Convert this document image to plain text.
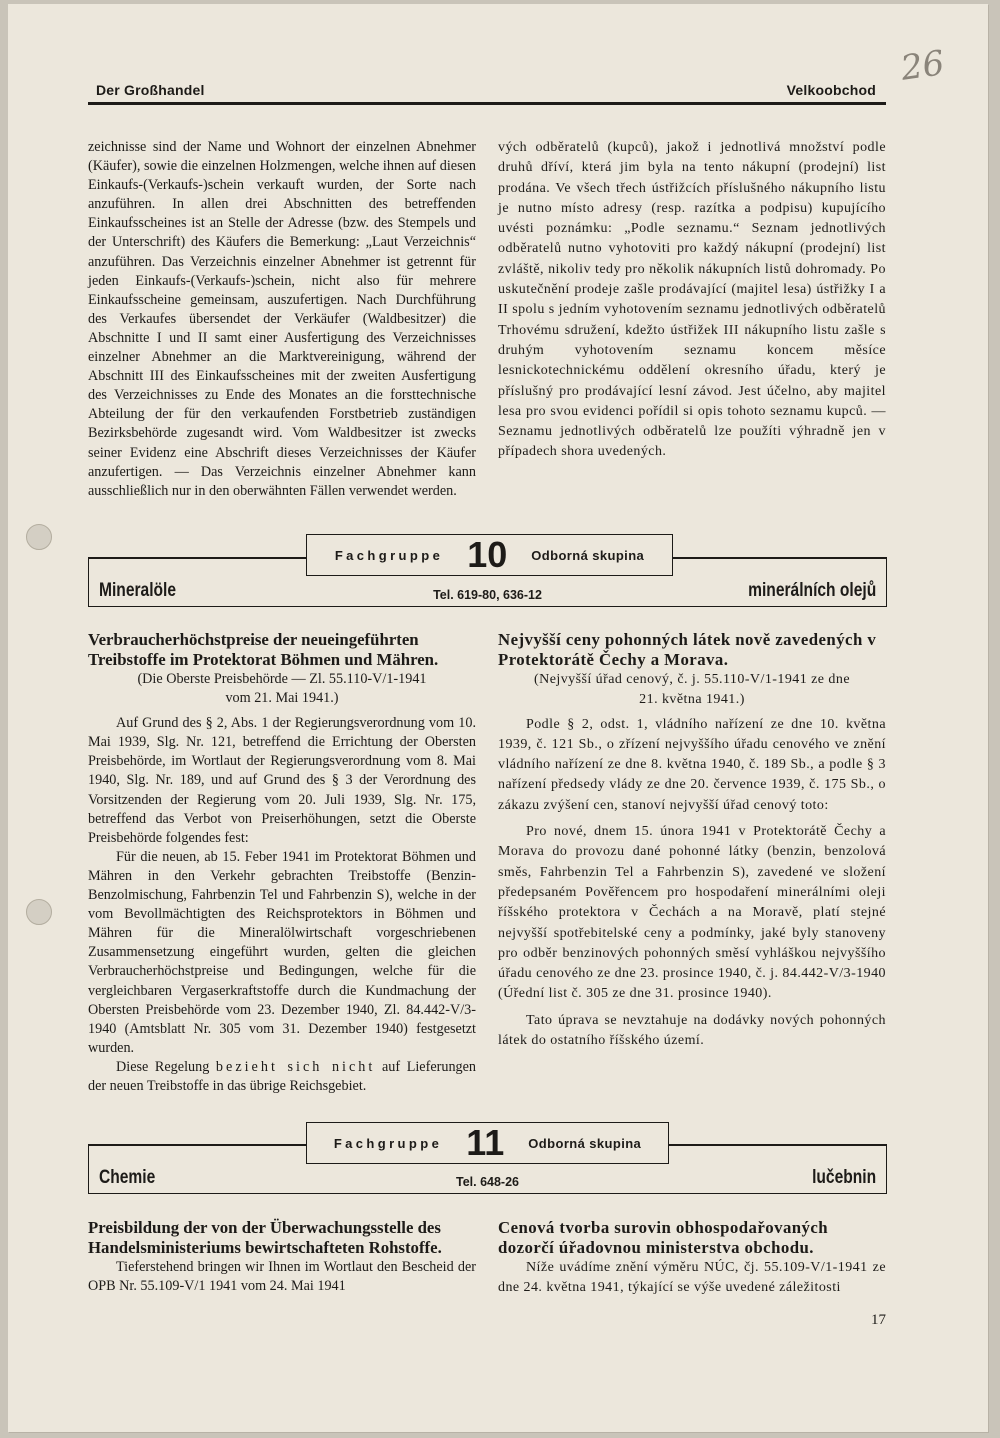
Der Großhandel	Velkoobchod
26

zeichnisse sind der Name und Wohnort der einzelnen Abnehmer (Käufer), sowie die einzelnen Holzmengen, welche ihnen auf diesen Einkaufs-(Verkaufs-)schein verkauft wurden, der Sorte nach anzuführen. In allen drei Abschnitten des betreffenden Einkaufsscheines ist an Stelle der Adresse (bzw. des Stempels und der Unterschrift) des Käufers die Bemerkung: „Laut Verzeichnis“ anzuführen. Das Verzeichnis einzelner Abnehmer ist getrennt für jeden Einkaufs-(Verkaufs-)schein, nicht also für mehrere Einkaufsscheine gemeinsam, auszufertigen. Nach Durchführung des Verkaufes übersendet der Verkäufer (Waldbesitzer) die Abschnitte I und II samt einer Ausfertigung des Verzeichnisses einzelner Abnehmer an die Marktvereinigung, während der Abschnitt III des Einkaufsscheines mit der zweiten Ausfertigung des Verzeichnisses zu Ende des Monates an die forsttechnische Abteilung der für den verkaufenden Forstbetrieb zuständigen Bezirksbehörde zugesandt wird. Vom Waldbesitzer ist zwecks seiner Evidenz eine Abschrift dieses Verzeichnisses der Käufer anzufertigen. — Das Verzeichnis einzelner Abnehmer kann ausschließlich nur in den oberwähnten Fällen verwendet werden.

vých odběratelů (kupců), jakož i jednotlivá množství podle druhů dříví, která jim byla na tento nákupní (prodejní) list prodána. Ve všech třech ústřižcích příslušného nákupního listu je nutno místo adresy (resp. razítka a podpisu) kupujícího uvésti poznámku: „Podle seznamu.“ Seznam jednotlivých odběratelů nutno vyhotoviti pro každý nákupní (prodejní) list zvláště, nikoliv tedy pro několik nákupních listů dohromady. Po uskutečnění prodeje zašle prodávající (majitel lesa) ústřižky I a II spolu s jedním vyhotovením seznamu jednotlivých odběratelů Trhovému sdružení, kdežto ústřižek III nákupního listu zašle s druhým vyhotovením seznamu koncem měsíce lesnickotechnickému oddělení okresního úřadu, který je příslušný pro prodávající lesní závod. Jest účelno, aby majitel lesa pro svou evidenci pořídil si opis tohoto seznamu kupců. — Seznamu jednotlivých odběratelů lze použíti výhradně jen v případech shora uvedených.

Mineralöle	Tel. 619-80, 636-12	minerálních olejů
Fachgruppe 10 Odborná skupina

Verbraucherhöchstpreise der neueingeführten Treibstoffe im Protektorat Böhmen und Mähren.

(Die Oberste Preisbehörde — Zl. 55.110-V/1-1941

vom 21. Mai 1941.)

Auf Grund des § 2, Abs. 1 der Regierungsverordnung vom 10. Mai 1939, Slg. Nr. 121, betreffend die Errichtung der Obersten Preisbehörde, im Wortlaut der Regierungsverordnung vom 8. Mai 1940, Slg. Nr. 189, und auf Grund des § 3 der Verordnung des Vorsitzenden der Regierung vom 20. Juli 1939, Slg. Nr. 175, betreffend das Verbot von Preiserhöhungen, setzt die Oberste Preisbehörde folgendes fest:

Für die neuen, ab 15. Feber 1941 im Protektorat Böhmen und Mähren in den Verkehr gebrachten Treibstoffe (Benzin-Benzolmischung, Fahrbenzin Tel und Fahrbenzin S), welche in der vom Bevollmächtigten des Reichsprotektors in Böhmen und Mähren für die Mineralölwirtschaft vorgeschriebenen Zusammensetzung eingeführt wurden, gelten die gleichen Verbraucherhöchstpreise und Bedingungen, welche für die vergleichbaren Vergaserkraftstoffe durch die Kundmachung der Obersten Preisbehörde vom 23. Dezember 1940, Zl. 84.442-V/3-1940 (Amtsblatt Nr. 305 vom 31. Dezember 1940) festgesetzt wurden.

Diese Regelung bezieht sich nicht auf Lieferungen der neuen Treibstoffe in das übrige Reichsgebiet.

Nejvyšší ceny pohonných látek nově zavedených v Protektorátě Čechy a Morava.

(Nejvyšší úřad cenový, č. j. 55.110-V/1-1941 ze dne

21. května 1941.)

Podle § 2, odst. 1, vládního nařízení ze dne 10. května 1939, č. 121 Sb., o zřízení nejvyššího úřadu cenového ve znění vládního nařízení ze dne 8. května 1940, č. 189 Sb., a podle § 3 nařízení předsedy vlády ze dne 20. července 1939, č. 175 Sb., o zákazu zvýšení cen, stanoví nejvyšší úřad cenový toto:

Pro nové, dnem 15. února 1941 v Protektorátě Čechy a Morava do provozu dané pohonné látky (benzin, benzolová směs, Fahrbenzin Tel a Fahrbenzin S), zavedené ve složení předepsaném Pověřencem pro hospodaření minerálními oleji říšského protektora v Čechách a na Moravě, platí stejné nejvyšší spotřebitelské ceny a podmínky, jaké byly stanoveny pro odběr benzinových pohonných směsí vyhláškou nejvyššího úřadu cenového ze dne 23. prosince 1940, č. j. 84.442-V/3-1940 (Úřední list č. 305 ze dne 31. prosince 1940).

Tato úprava se nevztahuje na dodávky nových pohonných látek do ostatního říšského území.

Chemie	Tel. 648-26	lučebnin
Fachgruppe 11 Odborná skupina

Preisbildung der von der Überwachungsstelle des Handelsministeriums bewirtschafteten Rohstoffe.

Tieferstehend bringen wir Ihnen im Wortlaut den Bescheid der OPB Nr. 55.109-V/1 1941 vom 24. Mai 1941

Cenová tvorba surovin obhospodařovaných dozorčí úřadovnou ministerstva obchodu.

Níže uvádíme znění výměru NÚC, čj. 55.109-V/1-1941 ze dne 24. května 1941, týkající se výše uvedené záležitosti

17
